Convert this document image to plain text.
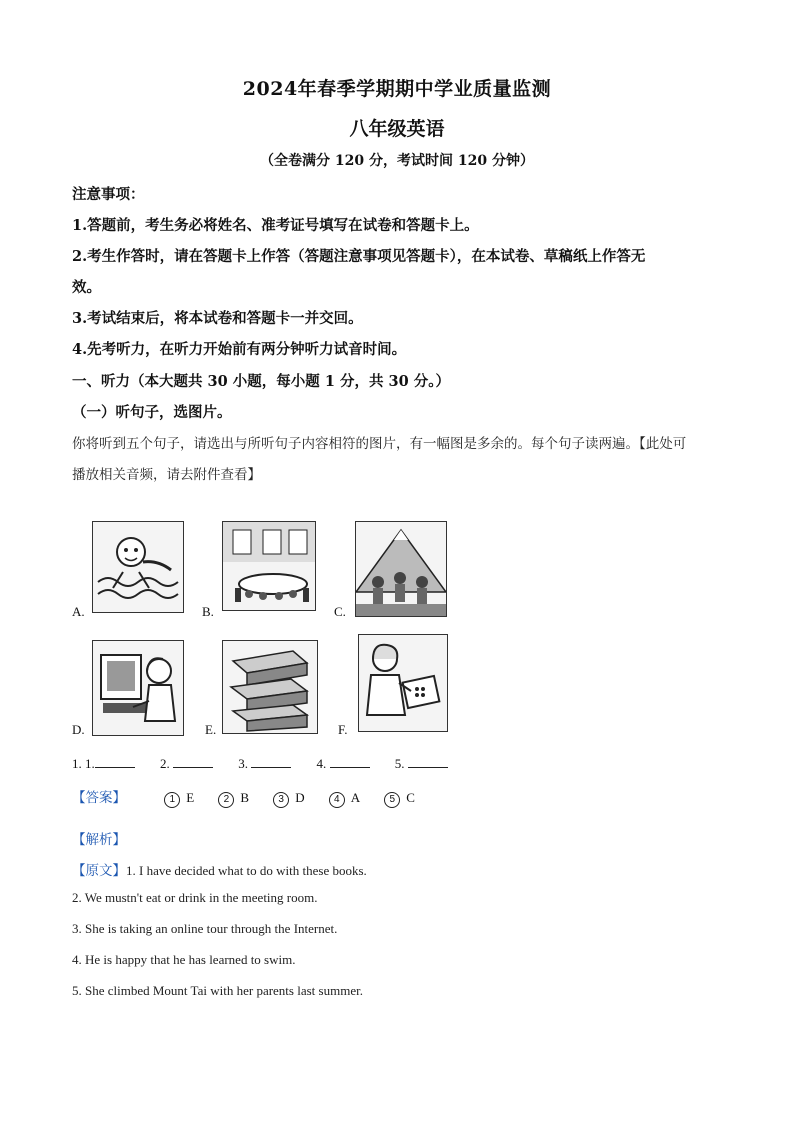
2024年春季学期期中学业质量监测
八年级英语
（全卷满分 120 分，考试时间 120 分钟）
注意事项：
1.答题前，考生务必将姓名、准考证号填写在试卷和答题卡上。
2.考生作答时，请在答题卡上作答（答题注意事项见答题卡），在本试卷、草稿纸上作答无
效。
3.考试结束后，将本试卷和答题卡一并交回。
4.先考听力，在听力开始前有两分钟听力试音时间。
一、听力（本大题共 30 小题，每小题 1 分，共 30 分。）
（一）听句子，选图片。
你将听到五个句子，请选出与所听句子内容相符的图片，有一幅图是多余的。每个句子读两遍。【此处可
播放相关音频，请去附件查看】
A.	B.	C.
D.	E.	F.
1. 1.	2.	3.	4.	5.
【答案】	1 E	2 B	3 D	4 A	5 C
【解析】
【原文】1. I have decided what to do with these books.
2. We mustn't eat or drink in the meeting room.
3. She is taking an online tour through the Internet.
4. He is happy that he has learned to swim.
5. She climbed Mount Tai with her parents last summer.
